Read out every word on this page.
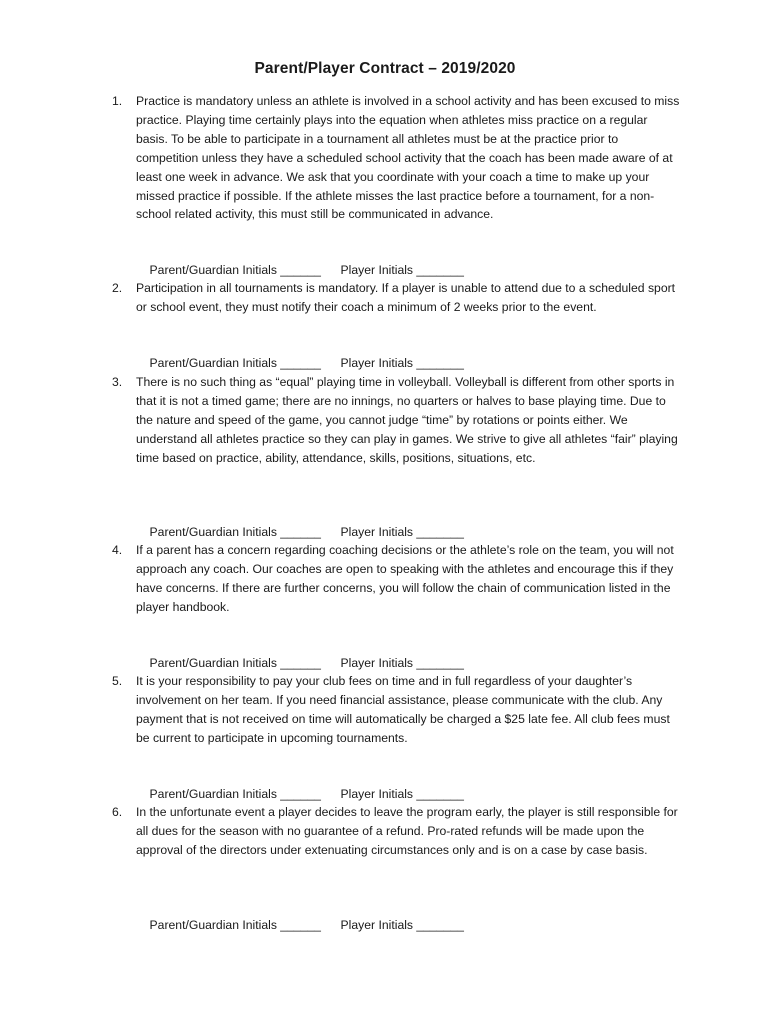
Parent/Player Contract – 2019/2020
1.	Practice is mandatory unless an athlete is involved in a school activity and has been excused to miss practice. Playing time certainly plays into the equation when athletes miss practice on a regular basis. To be able to participate in a tournament all athletes must be at the practice prior to competition unless they have a scheduled school activity that the coach has been made aware of at least one week in advance. We ask that you coordinate with your coach a time to make up your missed practice if possible. If the athlete misses the last practice before a tournament, for a non-school related activity, this must still be communicated in advance.

Parent/Guardian Initials ______ Player Initials _______

2.	Participation in all tournaments is mandatory. If a player is unable to attend due to a scheduled sport or school event, they must notify their coach a minimum of 2 weeks prior to the event.

Parent/Guardian Initials ______ Player Initials _______

3.	There is no such thing as “equal” playing time in volleyball. Volleyball is different from other sports in that it is not a timed game; there are no innings, no quarters or halves to base playing time. Due to the nature and speed of the game, you cannot judge “time” by rotations or points either. We understand all athletes practice so they can play in games. We strive to give all athletes “fair” playing time based on practice, ability, attendance, skills, positions, situations, etc.

Parent/Guardian Initials ______ Player Initials _______

4.	If a parent has a concern regarding coaching decisions or the athlete’s role on the team, you will not approach any coach. Our coaches are open to speaking with the athletes and encourage this if they have concerns. If there are further concerns, you will follow the chain of communication listed in the player handbook.

Parent/Guardian Initials ______ Player Initials _______

5.	It is your responsibility to pay your club fees on time and in full regardless of your daughter’s involvement on her team. If you need financial assistance, please communicate with the club. Any payment that is not received on time will automatically be charged a $25 late fee. All club fees must be current to participate in upcoming tournaments.

Parent/Guardian Initials ______ Player Initials _______

6.	In the unfortunate event a player decides to leave the program early, the player is still responsible for all dues for the season with no guarantee of a refund. Pro-rated refunds will be made upon the approval of the directors under extenuating circumstances only and is on a case by case basis.

Parent/Guardian Initials ______ Player Initials _______
